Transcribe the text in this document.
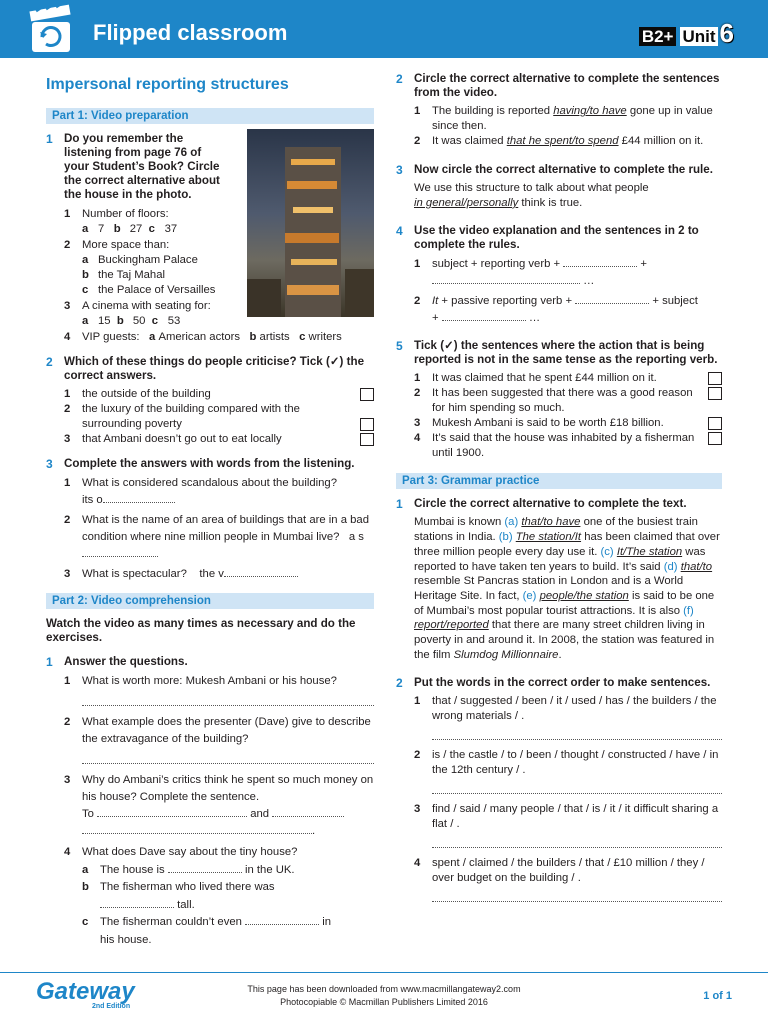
Flipped classroom	B2+ Unit 6
Impersonal reporting structures
Part 1: Video preparation
1 Do you remember the listening from page 76 of your Student’s Book? Circle the correct alternative about the house in the photo.
1	Number of floors:
a 7 b 27 c 37
2	More space than:
a Buckingham Palace
b the Taj Mahal
c the Palace of Versailles
3	A cinema with seating for:
a 15 b 50 c 53
4	VIP guests: a American actors b artists c writers
2 Which of these things do people criticise? Tick (✓) the correct answers.
1	the outside of the building
2	the luxury of the building compared with the surrounding poverty
3	that Ambani doesn’t go out to eat locally
3 Complete the answers with words from the listening.
1	What is considered scandalous about the building?
its o
2	What is the name of an area of buildings that are in a bad condition where nine million people in Mumbai live? a s
3	What is spectacular? the v
Part 2: Video comprehension
Watch the video as many times as necessary and do the exercises.
1 Answer the questions.
1	What is worth more: Mukesh Ambani or his house?
2	What example does the presenter (Dave) give to describe the extravagance of the building?
3	Why do Ambani’s critics think he spent so much money on his house? Complete the sentence.
To	and
.
4	What does Dave say about the tiny house?
a	The house is	in the UK.
b The fisherman who lived there was
tall.
c	The fisherman couldn’t even	in
his house.
2 Circle the correct alternative to complete the sentences from the video.
1	The building is reported having/to have gone up in value since then.
2	It was claimed that he spent/to spend £44 million on it.
3 Now circle the correct alternative to complete the rule.
We use this structure to talk about what people
in general/personally think is true.
4 Use the video explanation and the sentences in 2 to complete the rules.
1	subject + reporting verb +	+
…
2	It + passive reporting verb +	+ subject
+	…
5 Tick (✓) the sentences where the action that is being reported is not in the same tense as the reporting verb.
1	It was claimed that he spent £44 million on it.
2	It has been suggested that there was a good reason for him spending so much.
3	Mukesh Ambani is said to be worth £18 billion.
4	It’s said that the house was inhabited by a fisherman until 1900.
Part 3: Grammar practice
1 Circle the correct alternative to complete the text.
Mumbai is known (a) that/to have one of the busiest train stations in India. (b) The station/It has been claimed that over three million people every day use it. (c) It/The station was reported to have taken ten years to build. It’s said (d) that/to resemble St Pancras station in London and is a World Heritage Site. In fact, (e) people/the station is said to be one of Mumbai’s most popular tourist attractions. It is also (f) report/reported that there are many street children living in poverty in and around it. In 2008, the station was featured in the film Slumdog Millionnaire.
2 Put the words in the correct order to make sentences.
1	that / suggested / been / it / used / has / the builders / the wrong materials / .
2	is / the castle / to / been / thought / constructed / have / in the 12th century / .
3	find / said / many people / that / is / it / it difficult sharing a flat / .
4	spent / claimed / the builders / that / £10 million / they / over budget on the building / .
Gateway
2nd Edition
This page has been downloaded from www.macmillangateway2.com
Photocopiable © Macmillan Publishers Limited 2016	1 of 1
